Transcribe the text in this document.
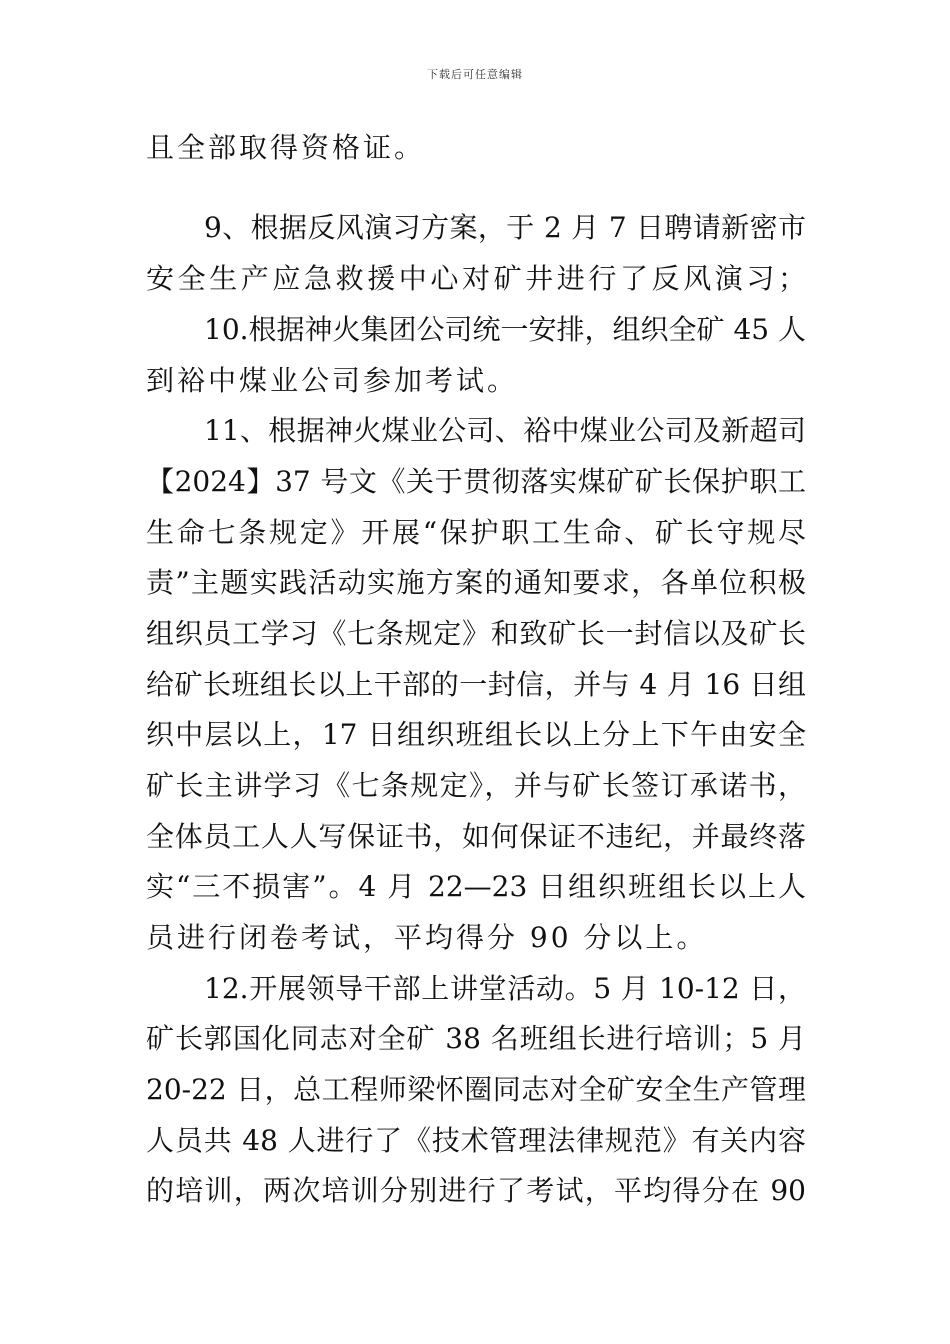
下载后可任意编辑
且全部取得资格证。
9、根据反风演习方案，于 2 月 7 日聘请新密市
安全生产应急救援中心对矿井进行了反风演习；
10.根据神火集团公司统一安排，组织全矿 45 人
到裕中煤业公司参加考试。
11、根据神火煤业公司、裕中煤业公司及新超司
【2024】37 号文《关于贯彻落实煤矿矿长保护职工
生命七条规定》开展“保护职工生命、矿长守规尽
责”主题实践活动实施方案的通知要求，各单位积极
组织员工学习《七条规定》和致矿长一封信以及矿长
给矿长班组长以上干部的一封信，并与 4 月 16 日组
织中层以上，17 日组织班组长以上分上下午由安全
矿长主讲学习《七条规定》，并与矿长签订承诺书，
全体员工人人写保证书，如何保证不违纪，并最终落
实“三不损害”。4 月 22—23 日组织班组长以上人
员进行闭卷考试，平均得分 90 分以上。
12.开展领导干部上讲堂活动。5 月 10-12 日，
矿长郭国化同志对全矿 38 名班组长进行培训；5 月
20-22 日，总工程师梁怀圈同志对全矿安全生产管理
人员共 48 人进行了《技术管理法律规范》有关内容
的培训，两次培训分别进行了考试，平均得分在 90
